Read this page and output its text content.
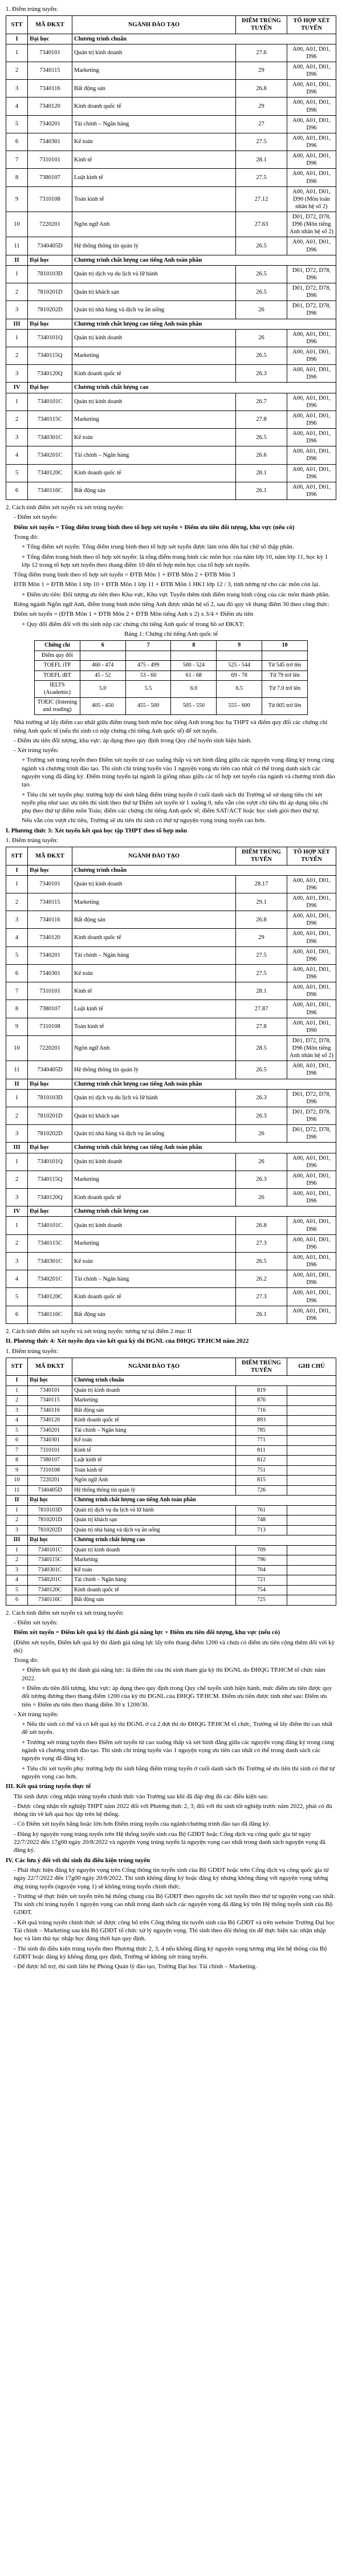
1. Điểm trúng tuyển:

STT	MÃ ĐKXT	NGÀNH ĐÀO TẠO	ĐIỂM TRÚNG TUYỂN	TỔ HỢP XÉT TUYỂN
I	Đại học	Chương trình chuẩn		
1	7340101	Quản trị kinh doanh	27.6	A00, A01, D01, D96
2	7340115	Marketing	29	A00, A01, D01, D96
3	7340116	Bất động sản	26.8	A00, A01, D01, D96
4	7340120	Kinh doanh quốc tế	29	A00, A01, D01, D96
5	7340201	Tài chính – Ngân hàng	27	A00, A01, D01, D96
6	7340301	Kế toán	27.5	A00, A01, D01, D96
7	7310101	Kinh tế	28.1	A00, A01, D01, D96
8	7380107	Luật kinh tế	27.5	A00, A01, D01, D96
9	7310108	Toán kinh tế	27.12	A00, A01, D01, D90 (Môn toán nhân hệ số 2)
10	7220201	Ngôn ngữ Anh	27.63	D01, D72, D78, D96 (Môn tiếng Anh nhân hệ số 2)
11	7340405D	Hệ thống thông tin quản lý	26.5	A00, A01, D01, D96
II	Đại học	Chương trình chất lượng cao tiếng Anh toàn phần		
1	7810103D	Quản trị dịch vụ du lịch và lữ hành	26.5	D01, D72, D78, D96
2	7810201D	Quản trị khách sạn	26.5	D01, D72, D78, D96
3	7810202D	Quản trị nhà hàng và dịch vụ ăn uống	26	D01, D72, D78, D96
III	Đại học	Chương trình chất lượng cao tiếng Anh toàn phần		
1	7340101Q	Quản trị kinh doanh	26	A00, A01, D01, D96
2	7340115Q	Marketing	26.5	A00, A01, D01, D96
3	7340120Q	Kinh doanh quốc tế	26.3	A00, A01, D01, D96
IV	Đại học	Chương trình chất lượng cao		
1	7340101C	Quản trị kinh doanh	26.7	A00, A01, D01, D96
2	7340115C	Marketing	27.8	A00, A01, D01, D96
3	7340301C	Kế toán	26.5	A00, A01, D01, D96
4	7340201C	Tài chính – Ngân hàng	26.6	A00, A01, D01, D96
5	7340120C	Kinh doanh quốc tế	28.1	A00, A01, D01, D96
6	7340116C	Bất động sản	26.1	A00, A01, D01, D96

2. Cách tính điểm xét tuyển và xét trúng tuyển:

- Điểm xét tuyển:

Điểm xét tuyển = Tổng điểm trung bình theo tổ hợp xét tuyển + Điểm ưu tiên đối tượng, khu vực (nếu có)

Trong đó:

+ Tổng điểm xét tuyển: Tổng điểm trung bình theo tổ hợp xét tuyển được làm tròn đến hai chữ số thập phân.

+ Tổng điểm trung bình theo tổ hợp xét tuyển: là tổng điểm trung bình các môn học của năm lớp 10, năm lớp 11, học kỳ 1 lớp 12 trong tổ hợp xét tuyển theo thang điểm 10 đến tổ hợp môn học của tổ hợp xét tuyển.

Tổng điểm trung bình theo tổ hợp xét tuyển = ĐTB Môn 1 + ĐTB Môn 2 + ĐTB Môn 3

ĐTB Môn 1 = ĐTB Môn 1 lớp 10 + ĐTB Môn 1 lớp 11 + ĐTB Môn 1 HK1 lớp 12 / 3, tính tương tự cho các môn còn lại.

+ Điểm ưu tiên: Đối tượng ưu tiên theo Khu vực, Khu vực Tuyển thêm tính điểm trung bình cộng của các môn thành phần.

Riêng ngành Ngôn ngữ Anh, điểm trung bình môn tiếng Anh được nhân hệ số 2, sau đó quy về thang điểm 30 theo công thức:

Điểm xét tuyển = (ĐTB Môn 1 + ĐTB Môn 2 + ĐTB Môn tiếng Anh x 2) x 3/4 + Điểm ưu tiên

+ Quy đổi điểm đối với thí sinh nộp các chứng chỉ tiếng Anh quốc tế trong hồ sơ ĐKXT:

Bảng 1: Chứng chỉ tiếng Anh quốc tế

Chứng chỉ	6	7	8	9	10
Điểm quy đổi					
TOEFL iTP	460 - 474	475 - 499	500 - 524	525 - 544	Từ 545 trở lên
TOEFL iBT	45 - 52	53 - 60	61 - 68	69 - 78	Từ 79 trở lên
IELTS (Academic)	5.0	5.5	6.0	6.5	Từ 7.0 trở lên
TOEIC (listening and reading)	405 - 450	455 - 500	505 - 550	555 - 600	Từ 605 trở lên

Nhà trường sẽ lấy điểm cao nhất giữa điểm trung bình môn học tiếng Anh trong học bạ THPT và điểm quy đổi các chứng chỉ tiếng Anh quốc tế (nếu thí sinh có nộp chứng chỉ tiếng Anh quốc tế) để xét tuyển.

- Điểm ưu tiên đối tượng, khu vực: áp dụng theo quy định trong Quy chế tuyển sinh hiện hành.

- Xét trúng tuyển:

+ Trường xét trúng tuyển theo Điểm xét tuyển từ cao xuống thấp và xét bình đẳng giữa các nguyện vọng đăng ký trong cùng ngành và chương trình đào tạo. Thí sinh chỉ trúng tuyển vào 1 nguyện vọng ưu tiên cao nhất có thể trong danh sách các nguyện vọng đã đăng ký. Điểm trúng tuyển tại ngành là giống nhau giữa các tổ hợp xét tuyển của ngành và chương trình đào tạo.

+ Tiêu chí xét tuyển phụ: trường hợp thí sinh bằng điểm trúng tuyển ở cuối danh sách thì Trường sẽ sử dụng tiêu chí xét tuyển phụ như sau: ưu tiên thí sinh theo thứ tự Điểm xét tuyển từ 1 xuống 0, nếu vẫn còn vượt chỉ tiêu thì áp dụng tiêu chí phụ theo thứ tự điểm môn Toán; điểm các chứng chỉ tiếng Anh quốc tế; điểm SAT/ACT hoặc học sinh giỏi theo thứ tự.

Nếu vẫn còn vượt chỉ tiêu, Trường sẽ ưu tiên thí sinh có thứ tự nguyện vọng trúng tuyển cao hơn.

I. Phương thức 3: Xét tuyển kết quả học tập THPT theo tổ hợp môn

1. Điểm trúng tuyển:

STT	MÃ ĐKXT	NGÀNH ĐÀO TẠO	ĐIỂM TRÚNG TUYỂN	TỔ HỢP XÉT TUYỂN
I	Đại học	Chương trình chuẩn		
1	7340101	Quản trị kinh doanh	28.17	A00, A01, D01, D96
2	7340115	Marketing	29.1	A00, A01, D01, D96
3	7340116	Bất động sản	26.8	A00, A01, D01, D96
4	7340120	Kinh doanh quốc tế	29	A00, A01, D01, D96
5	7340201	Tài chính – Ngân hàng	27.5	A00, A01, D01, D96
6	7340301	Kế toán	27.5	A00, A01, D01, D96
7	7310101	Kinh tế	28.1	A00, A01, D01, D96
8	7380107	Luật kinh tế	27.87	A00, A01, D01, D96
9	7310108	Toán kinh tế	27.8	A00, A01, D01, D90
10	7220201	Ngôn ngữ Anh	28.5	D01, D72, D78, D96 (Môn tiếng Anh nhân hệ số 2)
11	7340405D	Hệ thống thông tin quản lý	26.5	A00, A01, D01, D96
II	Đại học	Chương trình chất lượng cao tiếng Anh toàn phần		
1	7810103D	Quản trị dịch vụ du lịch và lữ hành	26.3	D01, D72, D78, D96
2	7810201D	Quản trị khách sạn	26.3	D01, D72, D78, D96
3	7810202D	Quản trị nhà hàng và dịch vụ ăn uống	26	D01, D72, D78, D96
III	Đại học	Chương trình chất lượng cao tiếng Anh toàn phần		
1	7340101Q	Quản trị kinh doanh	26	A00, A01, D01, D96
2	7340115Q	Marketing	26.3	A00, A01, D01, D96
3	7340120Q	Kinh doanh quốc tế	26	A00, A01, D01, D96
IV	Đại học	Chương trình chất lượng cao		
1	7340101C	Quản trị kinh doanh	26.8	A00, A01, D01, D96
2	7340115C	Marketing	27.3	A00, A01, D01, D96
3	7340301C	Kế toán	26.5	A00, A01, D01, D96
4	7340201C	Tài chính – Ngân hàng	26.2	A00, A01, D01, D96
5	7340120C	Kinh doanh quốc tế	27.3	A00, A01, D01, D96
6	7340116C	Bất động sản	26.1	A00, A01, D01, D96

2. Cách tính điểm xét tuyển và xét trúng tuyển: tương tự tại điểm 2 mục II

II. Phương thức 4: Xét tuyển dựa vào kết quả kỳ thi ĐGNL của ĐHQG TP.HCM năm 2022

1. Điểm trúng tuyển:

STT	MÃ ĐKXT	NGÀNH ĐÀO TẠO	ĐIỂM TRÚNG TUYỂN	GHI CHÚ
I	Đại học	Chương trình chuẩn		
1	7340101	Quản trị kinh doanh	819	
2	7340115	Marketing	876	
3	7340116	Bất động sản	716	
4	7340120	Kinh doanh quốc tế	893	
5	7340201	Tài chính – Ngân hàng	785	
6	7340301	Kế toán	771	
7	7310101	Kinh tế	811	
8	7380107	Luật kinh tế	812	
9	7310108	Toán kinh tế	751	
10	7220201	Ngôn ngữ Anh	815	
11	7340405D	Hệ thống thông tin quản lý	726	
II	Đại học	Chương trình chất lượng cao tiếng Anh toàn phần		
1	7810103D	Quản trị dịch vụ du lịch và lữ hành	761	
2	7810201D	Quản trị khách sạn	748	
3	7810202D	Quản trị nhà hàng và dịch vụ ăn uống	713	
III	Đại học	Chương trình chất lượng cao		
1	7340101C	Quản trị kinh doanh	709	
2	7340115C	Marketing	796	
3	7340301C	Kế toán	704	
4	7340201C	Tài chính – Ngân hàng	721	
5	7340120C	Kinh doanh quốc tế	754	
6	7340116C	Bất động sản	725	

2. Cách tính điểm xét tuyển và xét trúng tuyển:

- Điểm xét tuyển:

Điểm xét tuyển = Điểm kết quả kỳ thi đánh giá năng lực + Điểm ưu tiên đối tượng, khu vực (nếu có)

(Điểm xét tuyển, Điểm kết quả kỳ thi đánh giá năng lực lấy trên thang điểm 1200 và chưa có điểm ưu tiên cộng thêm đối với kỳ thi)

Trong đó:

+ Điểm kết quả kỳ thi đánh giá năng lực: là điểm thi của thí sinh tham gia kỳ thi ĐGNL do ĐHQG TP.HCM tổ chức năm 2022.

+ Điểm ưu tiên đối tượng, khu vực: áp dụng theo quy định trong Quy chế tuyển sinh hiện hành, mức điểm ưu tiên được quy đổi tương đương theo thang điểm 1200 của kỳ thi ĐGNL của ĐHQG TP.HCM. Điểm ưu tiên được tính như sau: Điểm ưu tiên = Điểm ưu tiên theo thang điểm 30 x 1200/30.

- Xét trúng tuyển:

+ Nếu thí sinh có thể và có kết quả kỳ thi ĐGNL ở cả 2 đợt thi do ĐHQG TP.HCM tổ chức, Trường sẽ lấy điểm thi cao nhất để xét tuyển.

+ Trường xét trúng tuyển theo Điểm xét tuyển từ cao xuống thấp và xét bình đẳng giữa các nguyện vọng đăng ký trong cùng ngành và chương trình đào tạo. Thí sinh chỉ trúng tuyển vào 1 nguyện vọng ưu tiên cao nhất có thể trong danh sách các nguyện vọng đã đăng ký.

+ Tiêu chí xét tuyển phụ: trường hợp thí sinh bằng điểm trúng tuyển ở cuối danh sách thì Trường sẽ ưu tiên thí sinh có thứ tự nguyện vọng cao hơn.

III. Kết quả trúng tuyển thực tế

Thí sinh được công nhận trúng tuyển chính thức vào Trường sau khi đã đáp ứng đủ các điều kiện sau:

- Được công nhận tốt nghiệp THPT năm 2022 đối với Phương thức 2, 3; đối với thí sinh tốt nghiệp trước năm 2022, phải có đủ thông tin về kết quả học tập trên hệ thống.

- Có Điểm xét tuyển bằng hoặc lớn hơn Điểm trúng tuyển của ngành/chương trình đào tạo đã đăng ký.

- Đăng ký nguyện vọng trúng tuyển trên Hệ thống tuyển sinh của Bộ GDĐT hoặc Cổng dịch vụ công quốc gia từ ngày 22/7/2022 đến 17g00 ngày 20/8/2022 và nguyện vọng trúng tuyển là nguyện vọng cao nhất trong danh sách nguyện vọng đã đăng ký.

IV. Các lưu ý đối với thí sinh đủ điều kiện trúng tuyển

- Phải thực hiện đăng ký nguyện vọng trên Cổng thông tin tuyển sinh của Bộ GDĐT hoặc trên Cổng dịch vụ công quốc gia từ ngày 22/7/2022 đến 17g00 ngày 20/8/2022. Thí sinh không đăng ký hoặc đăng ký nhưng không đúng với nguyện vọng tương ứng trúng tuyển (nguyện vọng 1) sẽ không trúng tuyển chính thức.

- Trường sẽ thực hiện xét tuyển trên hệ thống chung của Bộ GDĐT theo nguyên tắc xét tuyển theo thứ tự nguyện vọng cao nhất. Thí sinh chỉ trúng tuyển 1 nguyện vọng cao nhất trong danh sách các nguyện vọng đã đăng ký trên Hệ thống tuyển sinh của Bộ GDĐT.

- Kết quả trúng tuyển chính thức sẽ được công bố trên Cổng thông tin tuyển sinh của Bộ GDĐT và trên website Trường Đại học Tài chính – Marketing sau khi Bộ GDĐT tổ chức xử lý nguyện vọng. Thí sinh theo dõi thông tin để thực hiện xác nhận nhập học và làm thủ tục nhập học đúng thời hạn quy định.

- Thí sinh đủ điều kiện trúng tuyển theo Phương thức 2, 3, 4 nếu không đăng ký nguyện vọng tương ứng lên hệ thống của Bộ GDĐT hoặc đăng ký không đúng quy định, Trường sẽ không xét trúng tuyển.

- Để được hỗ trợ, thí sinh liên hệ Phòng Quản lý đào tạo, Trường Đại học Tài chính – Marketing.
